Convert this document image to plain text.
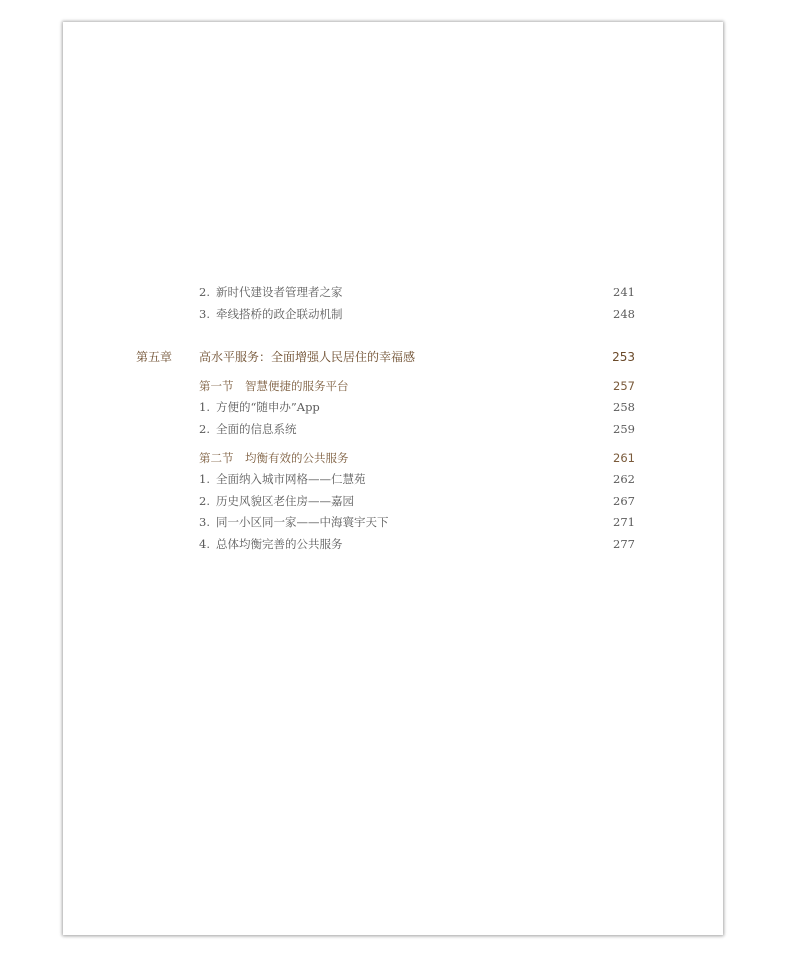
2. 新时代建设者管理者之家	241
3. 牵线搭桥的政企联动机制	248
第五章 高水平服务：全面增强人民居住的幸福感	253
第一节　智慧便捷的服务平台	257
1. 方便的“随申办”App	258
2. 全面的信息系统	259
第二节　均衡有效的公共服务	261
1. 全面纳入城市网格——仁慧苑	262
2. 历史风貌区老住房——嘉园	267
3. 同一小区同一家——中海寰宇天下	271
4. 总体均衡完善的公共服务	277
